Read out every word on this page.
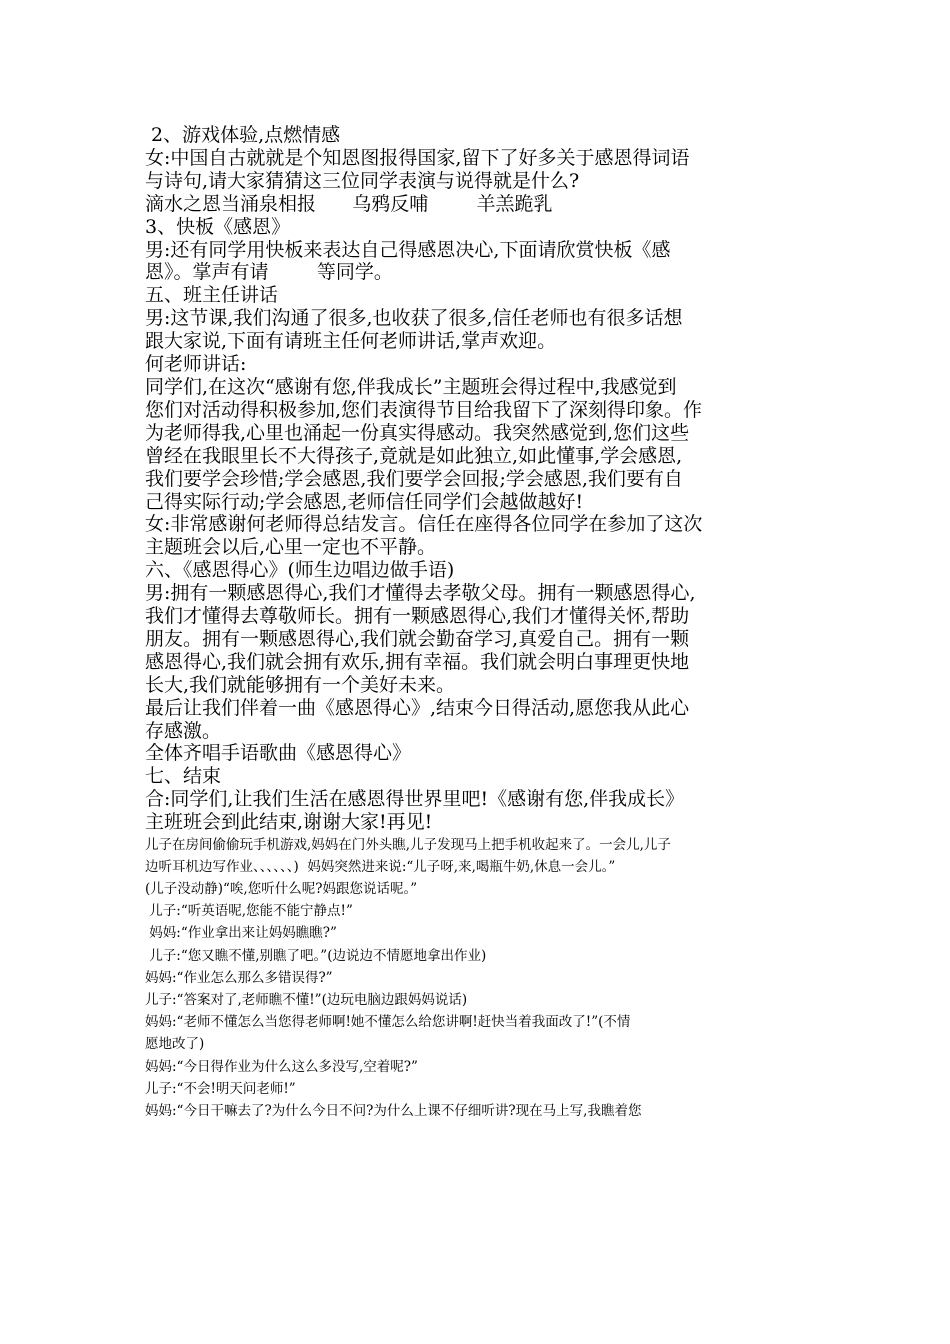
2、游戏体验,点燃情感

女:中国自古就就是个知恩图报得国家,留下了好多关于感恩得词语

与诗句,请大家猜猜这三位同学表演与说得就是什么?

滴水之恩当涌泉相报      乌鸦反哺        羊羔跪乳

3、快板《感恩》

男:还有同学用快板来表达自己得感恩决心,下面请欣赏快板《感

恩》。掌声有请        等同学。

五、班主任讲话

男:这节课,我们沟通了很多,也收获了很多,信任老师也有很多话想

跟大家说,下面有请班主任何老师讲话,掌声欢迎。

何老师讲话:

同学们,在这次“感谢有您,伴我成长”主题班会得过程中,我感觉到

您们对活动得积极参加,您们表演得节目给我留下了深刻得印象。作

为老师得我,心里也涌起一份真实得感动。我突然感觉到,您们这些

曾经在我眼里长不大得孩子,竟就是如此独立,如此懂事,学会感恩,

我们要学会珍惜;学会感恩,我们要学会回报;学会感恩,我们要有自

己得实际行动;学会感恩,老师信任同学们会越做越好!

女:非常感谢何老师得总结发言。信任在座得各位同学在参加了这次

主题班会以后,心里一定也不平静。

六、《感恩得心》(师生边唱边做手语)

男:拥有一颗感恩得心,我们才懂得去孝敬父母。拥有一颗感恩得心,

我们才懂得去尊敬师长。拥有一颗感恩得心,我们才懂得关怀,帮助

朋友。拥有一颗感恩得心,我们就会勤奋学习,真爱自己。拥有一颗

感恩得心,我们就会拥有欢乐,拥有幸福。我们就会明白事理更快地

长大,我们就能够拥有一个美好未来。

最后让我们伴着一曲《感恩得心》,结束今日得活动,愿您我从此心

存感激。

全体齐唱手语歌曲《感恩得心》

七、结束

合:同学们,让我们生活在感恩得世界里吧!《感谢有您,伴我成长》

主班班会到此结束,谢谢大家!再见!

儿子在房间偷偷玩手机游戏,妈妈在门外头瞧,儿子发现马上把手机收起来了。一会儿,儿子

边听耳机边写作业、、、、、、)  妈妈突然进来说:“儿子呀,来,喝瓶牛奶,休息一会儿。”

(儿子没动静)“唉,您听什么呢?妈跟您说话呢。”

儿子:“听英语呢,您能不能宁静点!”

妈妈:“作业拿出来让妈妈瞧瞧?”

儿子:“您又瞧不懂,别瞧了吧。”(边说边不情愿地拿出作业)

妈妈:“作业怎么那么多错误得?”

儿子:“答案对了,老师瞧不懂!”(边玩电脑边跟妈妈说话)

妈妈:“老师不懂怎么当您得老师啊!她不懂怎么给您讲啊!赶快当着我面改了!”(不情

愿地改了)

妈妈:“今日得作业为什么这么多没写,空着呢?”

儿子:“不会!明天问老师!”

妈妈:“今日干嘛去了?为什么今日不问?为什么上课不仔细听讲?现在马上写,我瞧着您
